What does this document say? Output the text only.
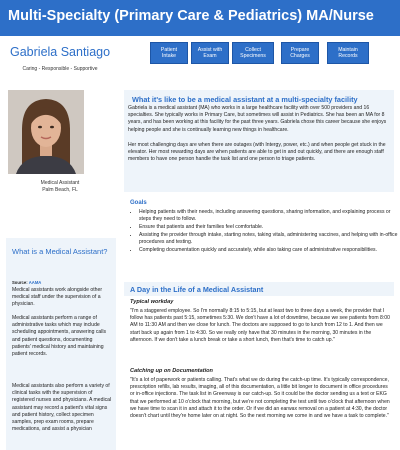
Multi-Specialty (Primary Care & Pediatrics) MA/Nurse
Gabriela Santiago
Caring - Responsible - Supportive
Patient
Intake
Assist with
Exam
Collect
Specimens
Prepare
Charges
Maintain
Records
Medical Assistant
Palm Beach, FL
What is a Medical Assistant?
Source: AAMA
Medical assistants work alongside other medical staff under the supervision of a physician.
Medical assistants perform a range of administrative tasks which may include scheduling appointments, answering calls and patient questions, documenting patients' medical history and maintaining patient records.
Medical assistants also perform a variety of clinical tasks with the supervision of registered nurses and physicians. A medical assistant may record a patient's vital signs and patient history, collect specimen samples, prep exam rooms, prepare medications, and assist a physician
What it's like to be a medical assistant at a multi-specialty facility
Gabriela is a medical assistant (MA) who works in a large healthcare facility with over 500 providers and 16 specialties. She typically works in Primary Care, but sometimes will assist in Pediatrics. She has been an MA for 8 years, and has been working at this facility for the past three years. Gabriela chose this career because she enjoys helping people and she is continually learning new things in healthcare.
Her most challenging days are when there are outages (with Intergy, power, etc.) and when people get stuck in the elevator. Her most rewarding days are when patients are able to get in and out quickly, and there are enough staff members to have one person handle the task list and one person to triage patients.
Goals
• Helping patients with their needs, including answering questions, sharing information, and explaining process or steps they need to follow.
• Ensure that patients and their families feel comfortable.
• Assisting the provider through intake, starting notes, taking vitals, administering vaccines, and helping with in-office procedures and testing.
• Completing documentation quickly and accurately, while also taking care of administrative responsibilities.
A Day in the Life of a Medical Assistant
Typical workday
"I'm a staggered employee. So I'm normally 8:15 to 5:15, but at least two to three days a week, the provider that I follow has patients past 5:15, sometimes 5:30. We don't have a lot of downtime, because we see patients from 8:00 AM to 11:30 AM and then we close for lunch. The doctors are supposed to go to lunch from 12 to 1. And then we start back up again from 1 to 4:30. So we really only have that 30 minutes in the morning, 30 minutes in the afternoon. If we don't take a lunch break or take a short lunch, then that's time to catch up."
Catching up on Documentation
"It's a lot of paperwork or patients calling. That's what we do during the catch-up time. It's typically correspondence, prescription refills, lab results, imaging, all of this documentation, a little bit longer to document in office procedures or in-office injections. The task list in Greenway is our catch-up. So it could be the doctor sending us a text or EKG that we performed at 10 o'clock that morning, but we're not completing the test until two o'clock that afternoon when we have time to scan it in and attach it to the order. Or if we did an earwax removal on a patient at 4:30, the doctor doesn't chart until they're home later on at night. So the next morning we come in and we have a task to complete."
